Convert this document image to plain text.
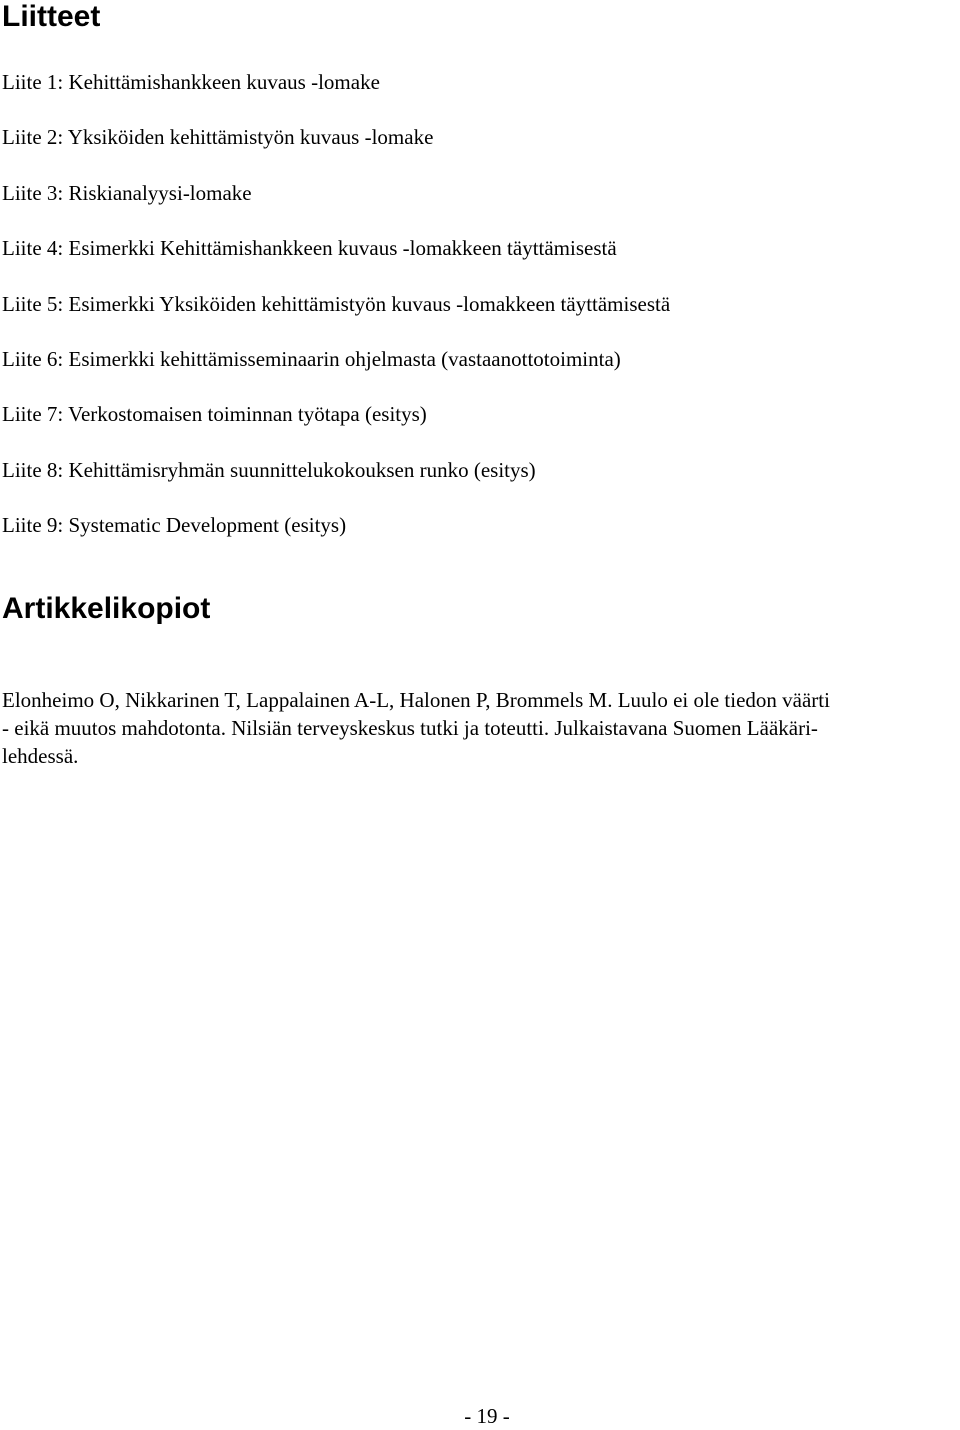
Liitteet
Liite 1: Kehittämishankkeen kuvaus -lomake
Liite 2: Yksiköiden kehittämistyön kuvaus -lomake
Liite 3: Riskianalyysi-lomake
Liite 4: Esimerkki Kehittämishankkeen kuvaus -lomakkeen täyttämisestä
Liite 5: Esimerkki Yksiköiden kehittämistyön kuvaus -lomakkeen täyttämisestä
Liite 6: Esimerkki kehittämisseminaarin ohjelmasta (vastaanottotoiminta)
Liite 7: Verkostomaisen toiminnan työtapa (esitys)
Liite 8: Kehittämisryhmän suunnittelukokouksen runko (esitys)
Liite 9: Systematic Development (esitys)
Artikkelikopiot

Elonheimo O, Nikkarinen T, Lappalainen A-L, Halonen P, Brommels M. Luulo ei ole tiedon väärti
- eikä muutos mahdotonta. Nilsiän terveyskeskus tutki ja toteutti. Julkaistavana Suomen Lääkäri-
lehdessä.

- 19 -
